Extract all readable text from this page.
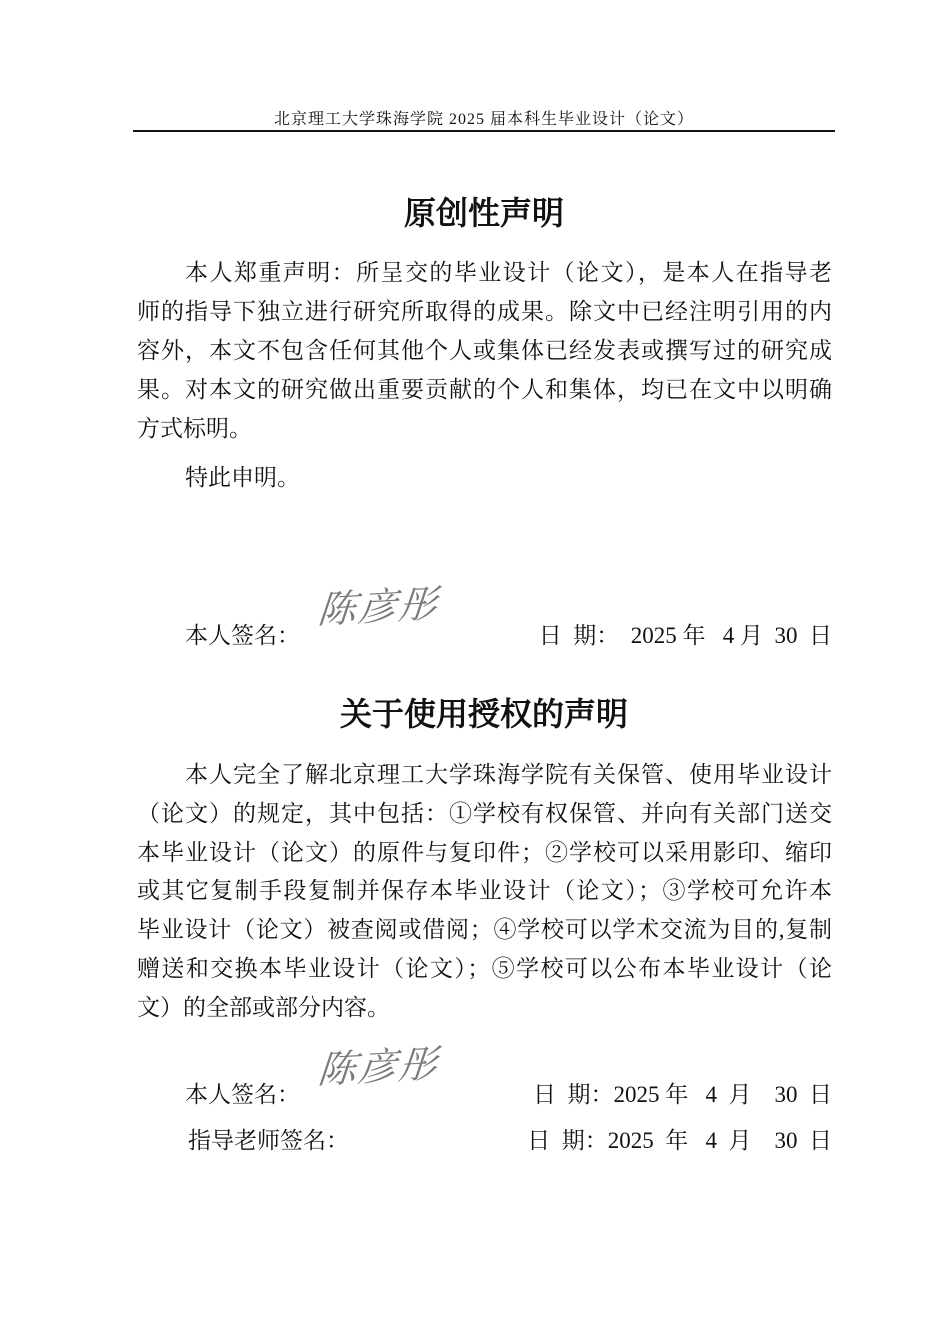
北京理工大学珠海学院 2025 届本科生毕业设计（论文）
原创性声明
本人郑重声明：所呈交的毕业设计（论文），是本人在指导老
师的指导下独立进行研究所取得的成果。除文中已经注明引用的内
容外，本文不包含任何其他个人或集体已经发表或撰写过的研究成
果。对本文的研究做出重要贡献的个人和集体，均已在文中以明确
方式标明。
特此申明。
陈彦彤
本人签名：	日  期：  2025 年   4 月  30  日
关于使用授权的声明
本人完全了解北京理工大学珠海学院有关保管、使用毕业设计
（论文）的规定，其中包括：①学校有权保管、并向有关部门送交
本毕业设计（论文）的原件与复印件；②学校可以采用影印、缩印
或其它复制手段复制并保存本毕业设计（论文）；③学校可允许本
毕业设计（论文）被查阅或借阅；④学校可以学术交流为目的,复制
赠送和交换本毕业设计（论文）；⑤学校可以公布本毕业设计（论
文）的全部或部分内容。
陈彦彤
本人签名：	日  期：2025 年   4  月    30  日
指导老师签名：	日  期：2025  年   4  月    30  日
